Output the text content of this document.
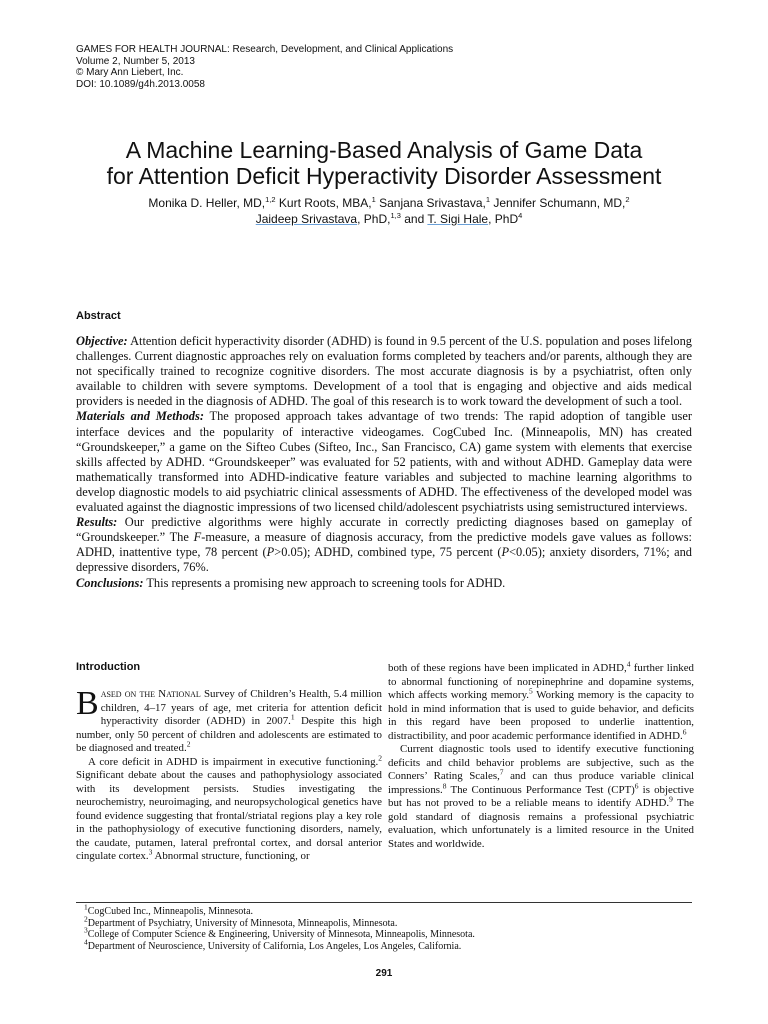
GAMES FOR HEALTH JOURNAL: Research, Development, and Clinical Applications
Volume 2, Number 5, 2013
© Mary Ann Liebert, Inc.
DOI: 10.1089/g4h.2013.0058
A Machine Learning-Based Analysis of Game Data
for Attention Deficit Hyperactivity Disorder Assessment
Monika D. Heller, MD,$^{1,2}$ Kurt Roots, MBA,$^1$ Sanjana Srivastava,$^1$ Jennifer Schumann, MD,$^2$
Jaideep Srivastava, PhD,$^{1,3}$ and T. Sigi Hale, PhD$^4$
Abstract

Objective: Attention deficit hyperactivity disorder (ADHD) is found in 9.5 percent of the U.S. population and poses lifelong challenges. Current diagnostic approaches rely on evaluation forms completed by teachers and/or parents, although they are not specifically trained to recognize cognitive disorders. The most accurate diagnosis is by a psychiatrist, often only available to children with severe symptoms. Development of a tool that is engaging and objective and aids medical providers is needed in the diagnosis of ADHD. The goal of this research is to work toward the development of such a tool.

Materials and Methods: The proposed approach takes advantage of two trends: The rapid adoption of tangible user interface devices and the popularity of interactive videogames. CogCubed Inc. (Minneapolis, MN) has created “Groundskeeper,” a game on the Sifteo Cubes (Sifteo, Inc., San Francisco, CA) game system with elements that exercise skills affected by ADHD. “Groundskeeper” was evaluated for 52 patients, with and without ADHD. Gameplay data were mathematically transformed into ADHD-indicative feature variables and subjected to machine learning algorithms to develop diagnostic models to aid psychiatric clinical assessments of ADHD. The effectiveness of the developed model was evaluated against the diagnostic impressions of two licensed child/adolescent psychiatrists using semistructured interviews.

Results: Our predictive algorithms were highly accurate in correctly predicting diagnoses based on gameplay of “Groundskeeper.” The F-measure, a measure of diagnosis accuracy, from the predictive models gave values as follows: ADHD, inattentive type, 78 percent (P>0.05); ADHD, combined type, 75 percent (P<0.05); anxiety disorders, 71%; and depressive disorders, 76%.

Conclusions: This represents a promising new approach to screening tools for ADHD.

Introduction

Based on the National Survey of Children’s Health, 5.4 million children, 4–17 years of age, met criteria for attention deficit hyperactivity disorder (ADHD) in 2007.$^1$ Despite this high number, only 50 percent of children and adolescents are estimated to be diagnosed and treated.$^2$

A core deficit in ADHD is impairment in executive functioning.$^2$ Significant debate about the causes and pathophysiology associated with its development persists. Studies investigating the neurochemistry, neuroimaging, and neuropsychological genetics have found evidence suggesting that frontal/striatal regions play a key role in the pathophysiology of executive functioning disorders, namely, the caudate, putamen, lateral prefrontal cortex, and dorsal anterior cingulate cortex.$^3$ Abnormal structure, functioning, or

both of these regions have been implicated in ADHD,$^4$ further linked to abnormal functioning of norepinephrine and dopamine systems, which affects working memory.$^5$ Working memory is the capacity to hold in mind information that is used to guide behavior, and deficits in this regard have been proposed to underlie inattention, distractibility, and poor academic performance identified in ADHD.$^6$

Current diagnostic tools used to identify executive functioning deficits and child behavior problems are subjective, such as the Conners’ Rating Scales,$^7$ and can thus produce variable clinical impressions.$^8$ The Continuous Performance Test (CPT)$^6$ is objective but has not proved to be a reliable means to identify ADHD.$^9$ The gold standard of diagnosis remains a professional psychiatric evaluation, which unfortunately is a limited resource in the United States and worldwide.

$^1$CogCubed Inc., Minneapolis, Minnesota.
$^2$Department of Psychiatry, University of Minnesota, Minneapolis, Minnesota.
$^3$College of Computer Science & Engineering, University of Minnesota, Minneapolis, Minnesota.
$^4$Department of Neuroscience, University of California, Los Angeles, Los Angeles, California.
291
